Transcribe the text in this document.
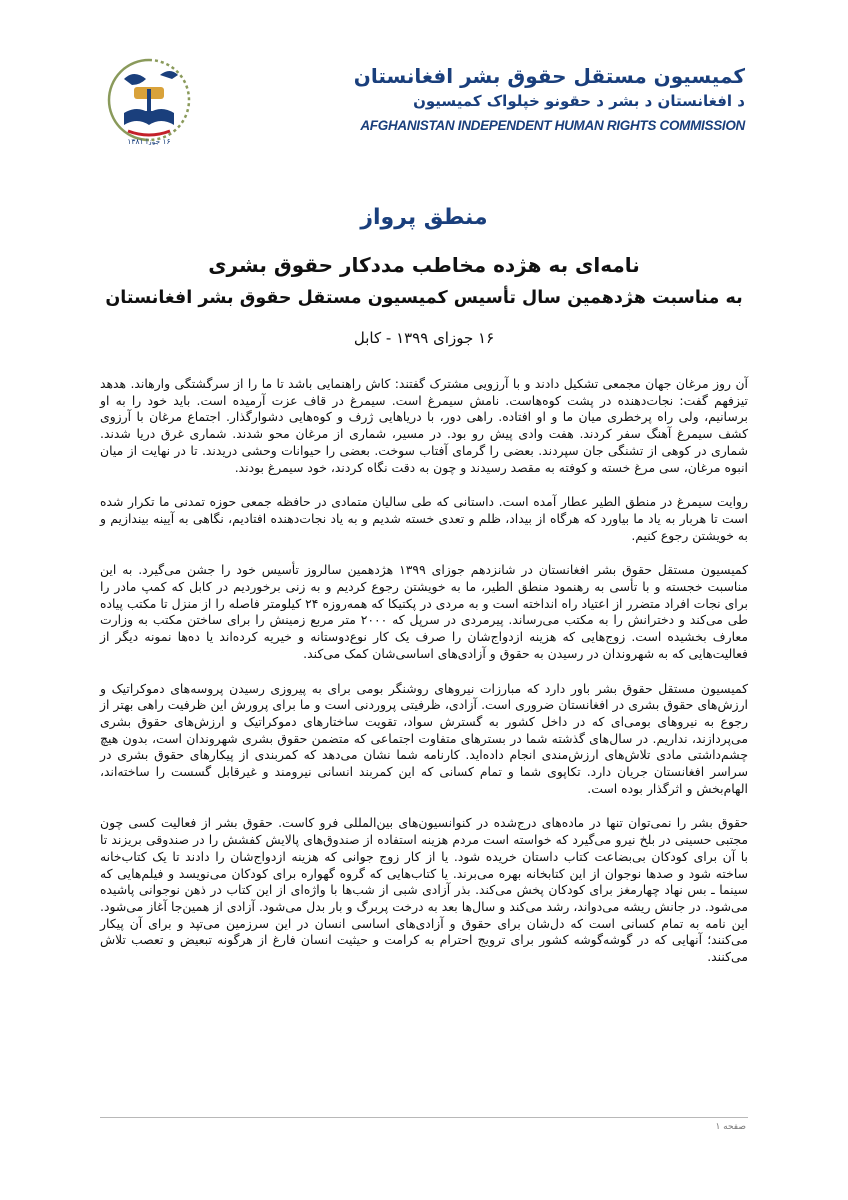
۱۶ جوزا ۱۳۸۱
کمیسیون مستقل حقوق بشر افغانستان
د افغانستان د بشر د حقونو خپلواک کمیسیون
AFGHANISTAN INDEPENDENT HUMAN RIGHTS COMMISSION
منطق پرواز
نامه‌ای به هژده مخاطب مددکار حقوق بشری
به مناسبت هژدهمین سال تأسیس کمیسیون مستقل حقوق بشر افغانستان
۱۶ جوزای ۱۳۹۹ - کابل

آن روز مرغان جهان مجمعی تشکیل دادند و با آرزویی مشترک گفتند: کاش راهنمایی باشد تا ما را از سرگشتگی وارهاند. هدهد تیزفهم گفت: نجات‌دهنده در پشت کوه‌هاست. نامش سیمرغ است. سیمرغ در قاف عزت آرمیده است. باید خود را به او برسانیم، ولی راه پرخطری میان ما و او افتاده. راهی دور، با دریاهایی ژرف و کوه‌هایی دشوارگذار. اجتماع مرغان با آرزوی کشف سیمرغ آهنگ سفر کردند. هفت وادی پیش رو بود. در مسیر، شماری از مرغان محو شدند. شماری غرق دریا شدند. شماری در کوهی از تشنگی جان سپردند. بعضی را گرمای آفتاب سوخت. بعضی را حیوانات وحشی دریدند. تا در نهایت از میان انبوه مرغان، سی مرغ خسته و کوفته به مقصد رسیدند و چون به دقت نگاه کردند، خود سیمرغ بودند.

روایت سیمرغ در منطق الطیر عطار آمده است. داستانی که طی سالیان متمادی در حافظه جمعی حوزه تمدنی ما تکرار شده است تا هربار به یاد ما بیاورد که هرگاه از بیداد، ظلم و تعدی خسته شدیم و به یاد نجات‌دهنده افتادیم، نگاهی به آیینه بیندازیم و به خویشتن رجوع کنیم.

کمیسیون مستقل حقوق بشر افغانستان در شانزدهم جوزای ۱۳۹۹ هژدهمین سالروز تأسیس خود را جشن می‌گیرد. به این مناسبت خجسته و با تأسی به رهنمود منطق الطیر، ما به خویشتن رجوع کردیم و به زنی برخوردیم در کابل که کمپ مادر را برای نجات افراد متضرر از اعتیاد راه انداخته است و به مردی در پکتیکا که همه‌روزه ۲۴ کیلومتر فاصله را از منزل تا مکتب پیاده طی می‌کند و دخترانش را به مکتب می‌رساند. پیرمردی در سرپل که ۲۰۰۰ متر مربع زمینش را برای ساختن مکتب به وزارت معارف بخشیده است. زوج‌هایی که هزینه ازدواج‌شان را صرف یک کار نوع‌دوستانه و خیریه کرده‌اند یا ده‌ها نمونه دیگر از فعالیت‌هایی که به شهروندان در رسیدن به حقوق و آزادی‌های اساسی‌شان کمک می‌کند.

کمیسیون مستقل حقوق بشر باور دارد که مبارزات نیروهای روشنگر بومی برای به پیروزی رسیدن پروسه‌های دموکراتیک و ارزش‌های حقوق بشری در افغانستان ضروری است. آزادی، ظرفیتی پروردنی است و ما برای پرورش این ظرفیت راهی بهتر از رجوع به نیروهای بومی‌ای که در داخل کشور به گسترش سواد، تقویت ساختارهای دموکراتیک و ارزش‌های حقوق بشری می‌پردازند، نداریم. در سال‌های گذشته شما در بسترهای متفاوت اجتماعی که متضمن حقوق بشری شهروندان است، بدون هیچ چشم‌داشتی مادی تلاش‌های ارزش‌مندی انجام داده‌اید. کارنامه شما نشان می‌دهد که کمربندی از پیکارهای حقوق بشری در سراسر افغانستان جریان دارد. تکاپوی شما و تمام کسانی که این کمربند انسانی نیرومند و غیرقابل گسست را ساخته‌اند، الهام‌بخش و اثرگذار بوده است.

حقوق بشر را نمی‌توان تنها در ماده‌های درج‌شده در کنوانسیون‌های بین‌المللی فرو کاست. حقوق بشر از فعالیت کسی چون مجتبی حسینی در بلخ نیرو می‌گیرد که خواسته است مردم هزینه استفاده از صندوق‌های پالایش کفشش را در صندوقی بریزند تا با آن برای کودکان بی‌بضاعت کتاب داستان خریده شود. یا از کار زوج جوانی که هزینه ازدواج‌شان را دادند تا یک کتاب‌خانه ساخته شود و صدها نوجوان از این کتابخانه بهره می‌برند. یا کتاب‌هایی که گروه گهواره برای کودکان می‌نویسد و فیلم‌هایی که سینما ـ بس نهاد چهارمغز برای کودکان پخش می‌کند. بذر آزادی شبی از شب‌ها با واژه‌ای از این کتاب در ذهن نوجوانی پاشیده می‌شود. در جانش ریشه می‌دواند، رشد می‌کند و سال‌ها بعد به درخت پربرگ و بار بدل می‌شود. آزادی از همین‌جا آغاز می‌شود. این نامه به تمام کسانی است که دل‌شان برای حقوق و آزادی‌های اساسی انسان در این سرزمین می‌تپد و برای آن پیکار می‌کنند؛ آنهایی که در گوشه‌گوشه کشور برای ترویج احترام به کرامت و حیثیت انسان فارغ از هرگونه تبعیض و تعصب تلاش می‌کنند.

صفحه ۱
